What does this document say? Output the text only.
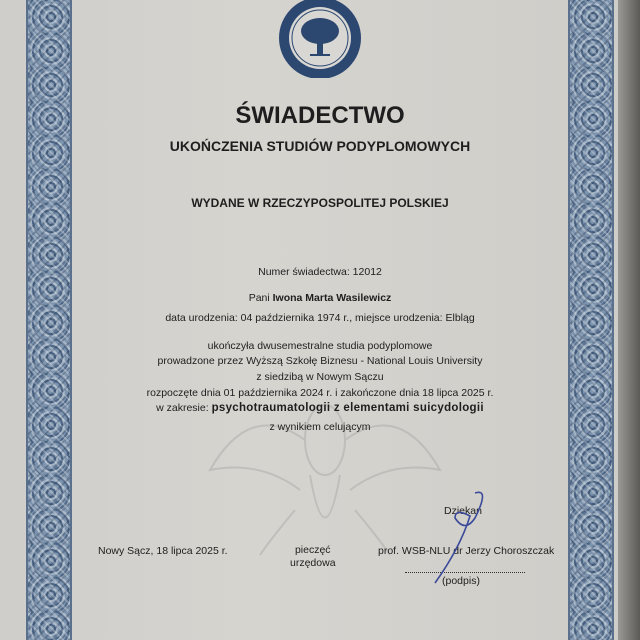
ŚWIADECTWO
UKOŃCZENIA STUDIÓW PODYPLOMOWYCH
WYDANE W RZECZYPOSPOLITEJ POLSKIEJ
Numer świadectwa: 12012
Pani Iwona Marta Wasilewicz
data urodzenia: 04 października 1974 r., miejsce urodzenia: Elbląg
ukończyła dwusemestralne studia podyplomowe
prowadzone przez Wyższą Szkołę Biznesu - National Louis University
z siedzibą w Nowym Sączu
rozpoczęte dnia 01 października 2024 r. i zakończone dnia 18 lipca 2025 r.
w zakresie: psychotraumatologii z elementami suicydologii
z wynikiem celującym
Nowy Sącz, 18 lipca 2025 r.	pieczęć
urzędowa
Dziekan
prof. WSB-NLU dr Jerzy Choroszczak
(podpis)
